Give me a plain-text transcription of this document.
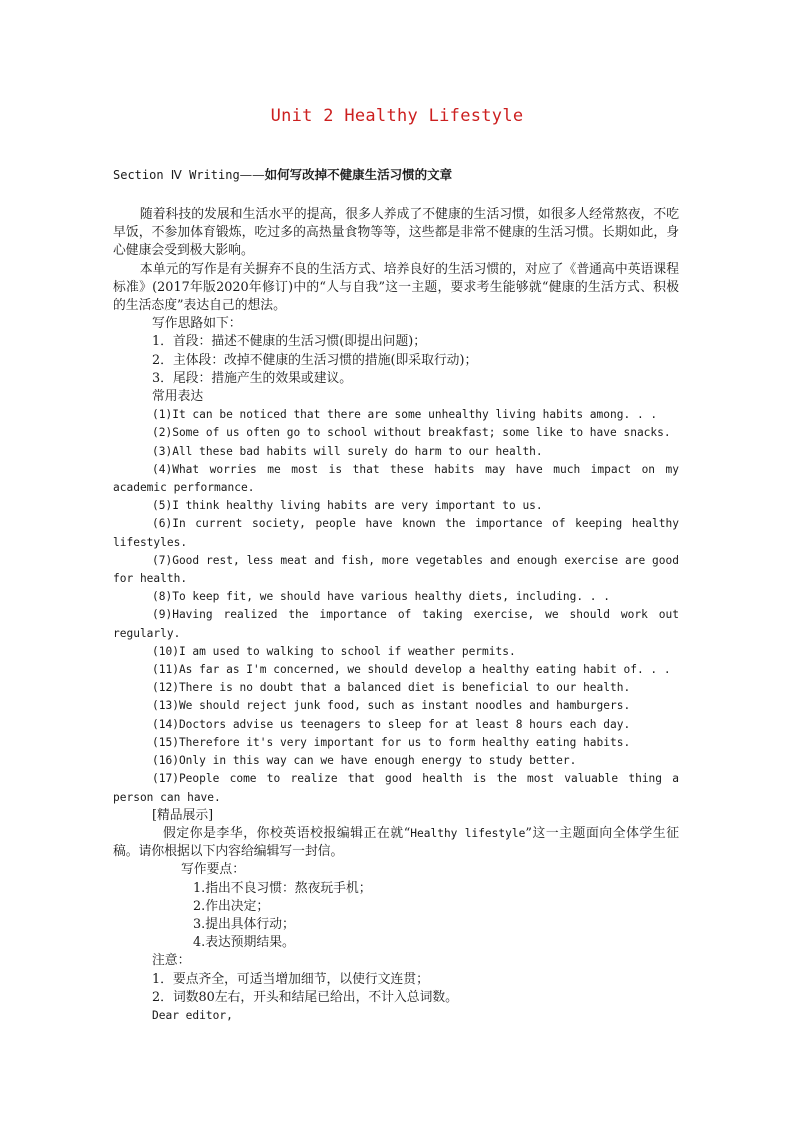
Unit 2 Healthy Lifestyle
Section Ⅳ Writing——如何写改掉不健康生活习惯的文章

随着科技的发展和生活水平的提高，很多人养成了不健康的生活习惯，如很多人经常熬夜，不吃早饭，不参加体育锻炼，吃过多的高热量食物等等，这些都是非常不健康的生活习惯。长期如此，身心健康会受到极大影响。

本单元的写作是有关摒弃不良的生活方式、培养良好的生活习惯的，对应了《普通高中英语课程标准》(2017年版2020年修订)中的“人与自我”这一主题，要求考生能够就“健康的生活方式、积极的生活态度”表达自己的想法。

写作思路如下：

1．首段：描述不健康的生活习惯(即提出问题)；

2．主体段：改掉不健康的生活习惯的措施(即采取行动)；

3．尾段：措施产生的效果或建议。

常用表达

(1)It can be noticed that there are some unhealthy living habits among. . .

(2)Some of us often go to school without breakfast; some like to have snacks.

(3)All these bad habits will surely do harm to our health.

(4)What worries me most is that these habits may have much impact on my academic performance.

(5)I think healthy living habits are very important to us.

(6)In current society, people have known the importance of keeping healthy lifestyles.

(7)Good rest, less meat and fish, more vegetables and enough exercise are good for health.

(8)To keep fit, we should have various healthy diets, including. . .

(9)Having realized the importance of taking exercise, we should work out regularly.

(10)I am used to walking to school if weather permits.

(11)As far as I'm concerned, we should develop a healthy eating habit of. . .

(12)There is no doubt that a balanced diet is beneficial to our health.

(13)We should reject junk food, such as instant noodles and hamburgers.

(14)Doctors advise us teenagers to sleep for at least 8 hours each day.

(15)Therefore it's very important for us to form healthy eating habits.

(16)Only in this way can we have enough energy to study better.

(17)People come to realize that good health is the most valuable thing a person can have.

[精品展示]

假定你是李华，你校英语校报编辑正在就“Healthy lifestyle”这一主题面向全体学生征稿。请你根据以下内容给编辑写一封信。

写作要点：

1.指出不良习惯：熬夜玩手机；

2.作出决定；

3.提出具体行动；

4.表达预期结果。

注意：

1．要点齐全，可适当增加细节，以使行文连贯；

2．词数80左右，开头和结尾已给出，不计入总词数。

Dear editor,
